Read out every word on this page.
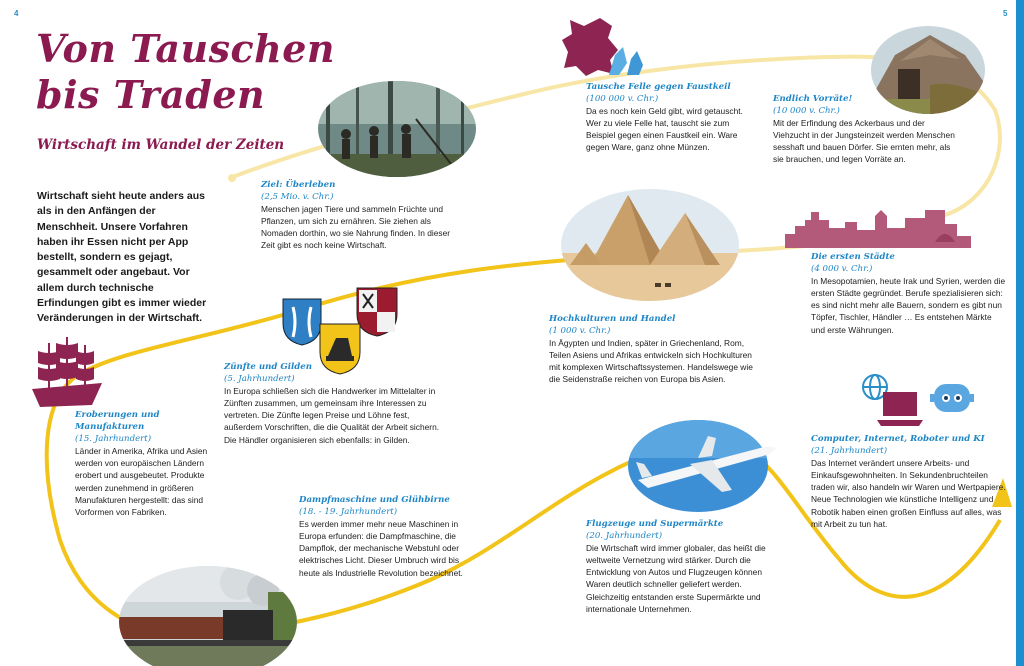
4	5
Von Tauschen
bis Traden
Wirtschaft im Wandel der Zeiten
Wirtschaft sieht heute anders aus als in den Anfängen der Menschheit. Unsere Vorfahren haben ihr Essen nicht per App bestellt, sondern es gejagt, gesammelt oder angebaut. Vor allem durch technische Erfindungen gibt es immer wieder Veränderungen in der Wirtschaft.
Ziel: Überleben
(2,5 Mio. v. Chr.)
Menschen jagen Tiere und sammeln Früchte und Pflanzen, um sich zu ernähren. Sie ziehen als Nomaden dorthin, wo sie Nahrung finden. In dieser Zeit gibt es noch keine Wirtschaft.
Tausche Felle gegen Faustkeil
(100 000 v. Chr.)
Da es noch kein Geld gibt, wird getauscht. Wer zu viele Felle hat, tauscht sie zum Beispiel gegen einen Faustkeil ein. Ware gegen Ware, ganz ohne Münzen.
Endlich Vorräte!
(10 000 v. Chr.)
Mit der Erfindung des Ackerbaus und der Viehzucht in der Jungsteinzeit werden Menschen sesshaft und bauen Dörfer. Sie ernten mehr, als sie brauchen, und legen Vorräte an.
Die ersten Städte
(4 000 v. Chr.)
In Mesopotamien, heute Irak und Syrien, werden die ersten Städte gegründet. Berufe spezialisieren sich: es sind nicht mehr alle Bauern, sondern es gibt nun Töpfer, Tischler, Händler … Es entstehen Märkte und erste Währungen.
Hochkulturen und Handel
(1 000 v. Chr.)
In Ägypten und Indien, später in Griechenland, Rom, Teilen Asiens und Afrikas entwickeln sich Hochkulturen mit komplexen Wirtschaftssystemen. Handelswege wie die Seidenstraße reichen von Europa bis Asien.
Zünfte und Gilden
(5. Jahrhundert)
In Europa schließen sich die Handwerker im Mittelalter in Zünften zusammen, um gemeinsam ihre Interessen zu vertreten. Die Zünfte legen Preise und Löhne fest, außerdem Vorschriften, die die Qualität der Arbeit sichern. Die Händler organisieren sich ebenfalls: in Gilden.
Eroberungen und Manufakturen
(15. Jahrhundert)
Länder in Amerika, Afrika und Asien werden von europäischen Ländern erobert und ausgebeutet. Produkte werden zunehmend in größeren Manufakturen hergestellt: das sind Vorformen von Fabriken.
Dampfmaschine und Glühbirne
(18. - 19. Jahrhundert)
Es werden immer mehr neue Maschinen in Europa erfunden: die Dampfmaschine, die Dampflok, der mechanische Webstuhl oder elektrisches Licht. Dieser Umbruch wird bis heute als Industrielle Revolution bezeichnet.
Flugzeuge und Supermärkte
(20. Jahrhundert)
Die Wirtschaft wird immer globaler, das heißt die weltweite Vernetzung wird stärker. Durch die Entwicklung von Autos und Flugzeugen können Waren deutlich schneller geliefert werden. Gleichzeitig entstanden erste Supermärkte und internationale Unternehmen.
Computer, Internet, Roboter und KI
(21. Jahrhundert)
Das Internet verändert unsere Arbeits- und Einkaufsgewohnheiten. In Sekundenbruchteilen traden wir, also handeln wir Waren und Wertpapiere. Neue Technologien wie künstliche Intelligenz und Robotik haben einen großen Einfluss auf alles, was mit Arbeit zu tun hat.
